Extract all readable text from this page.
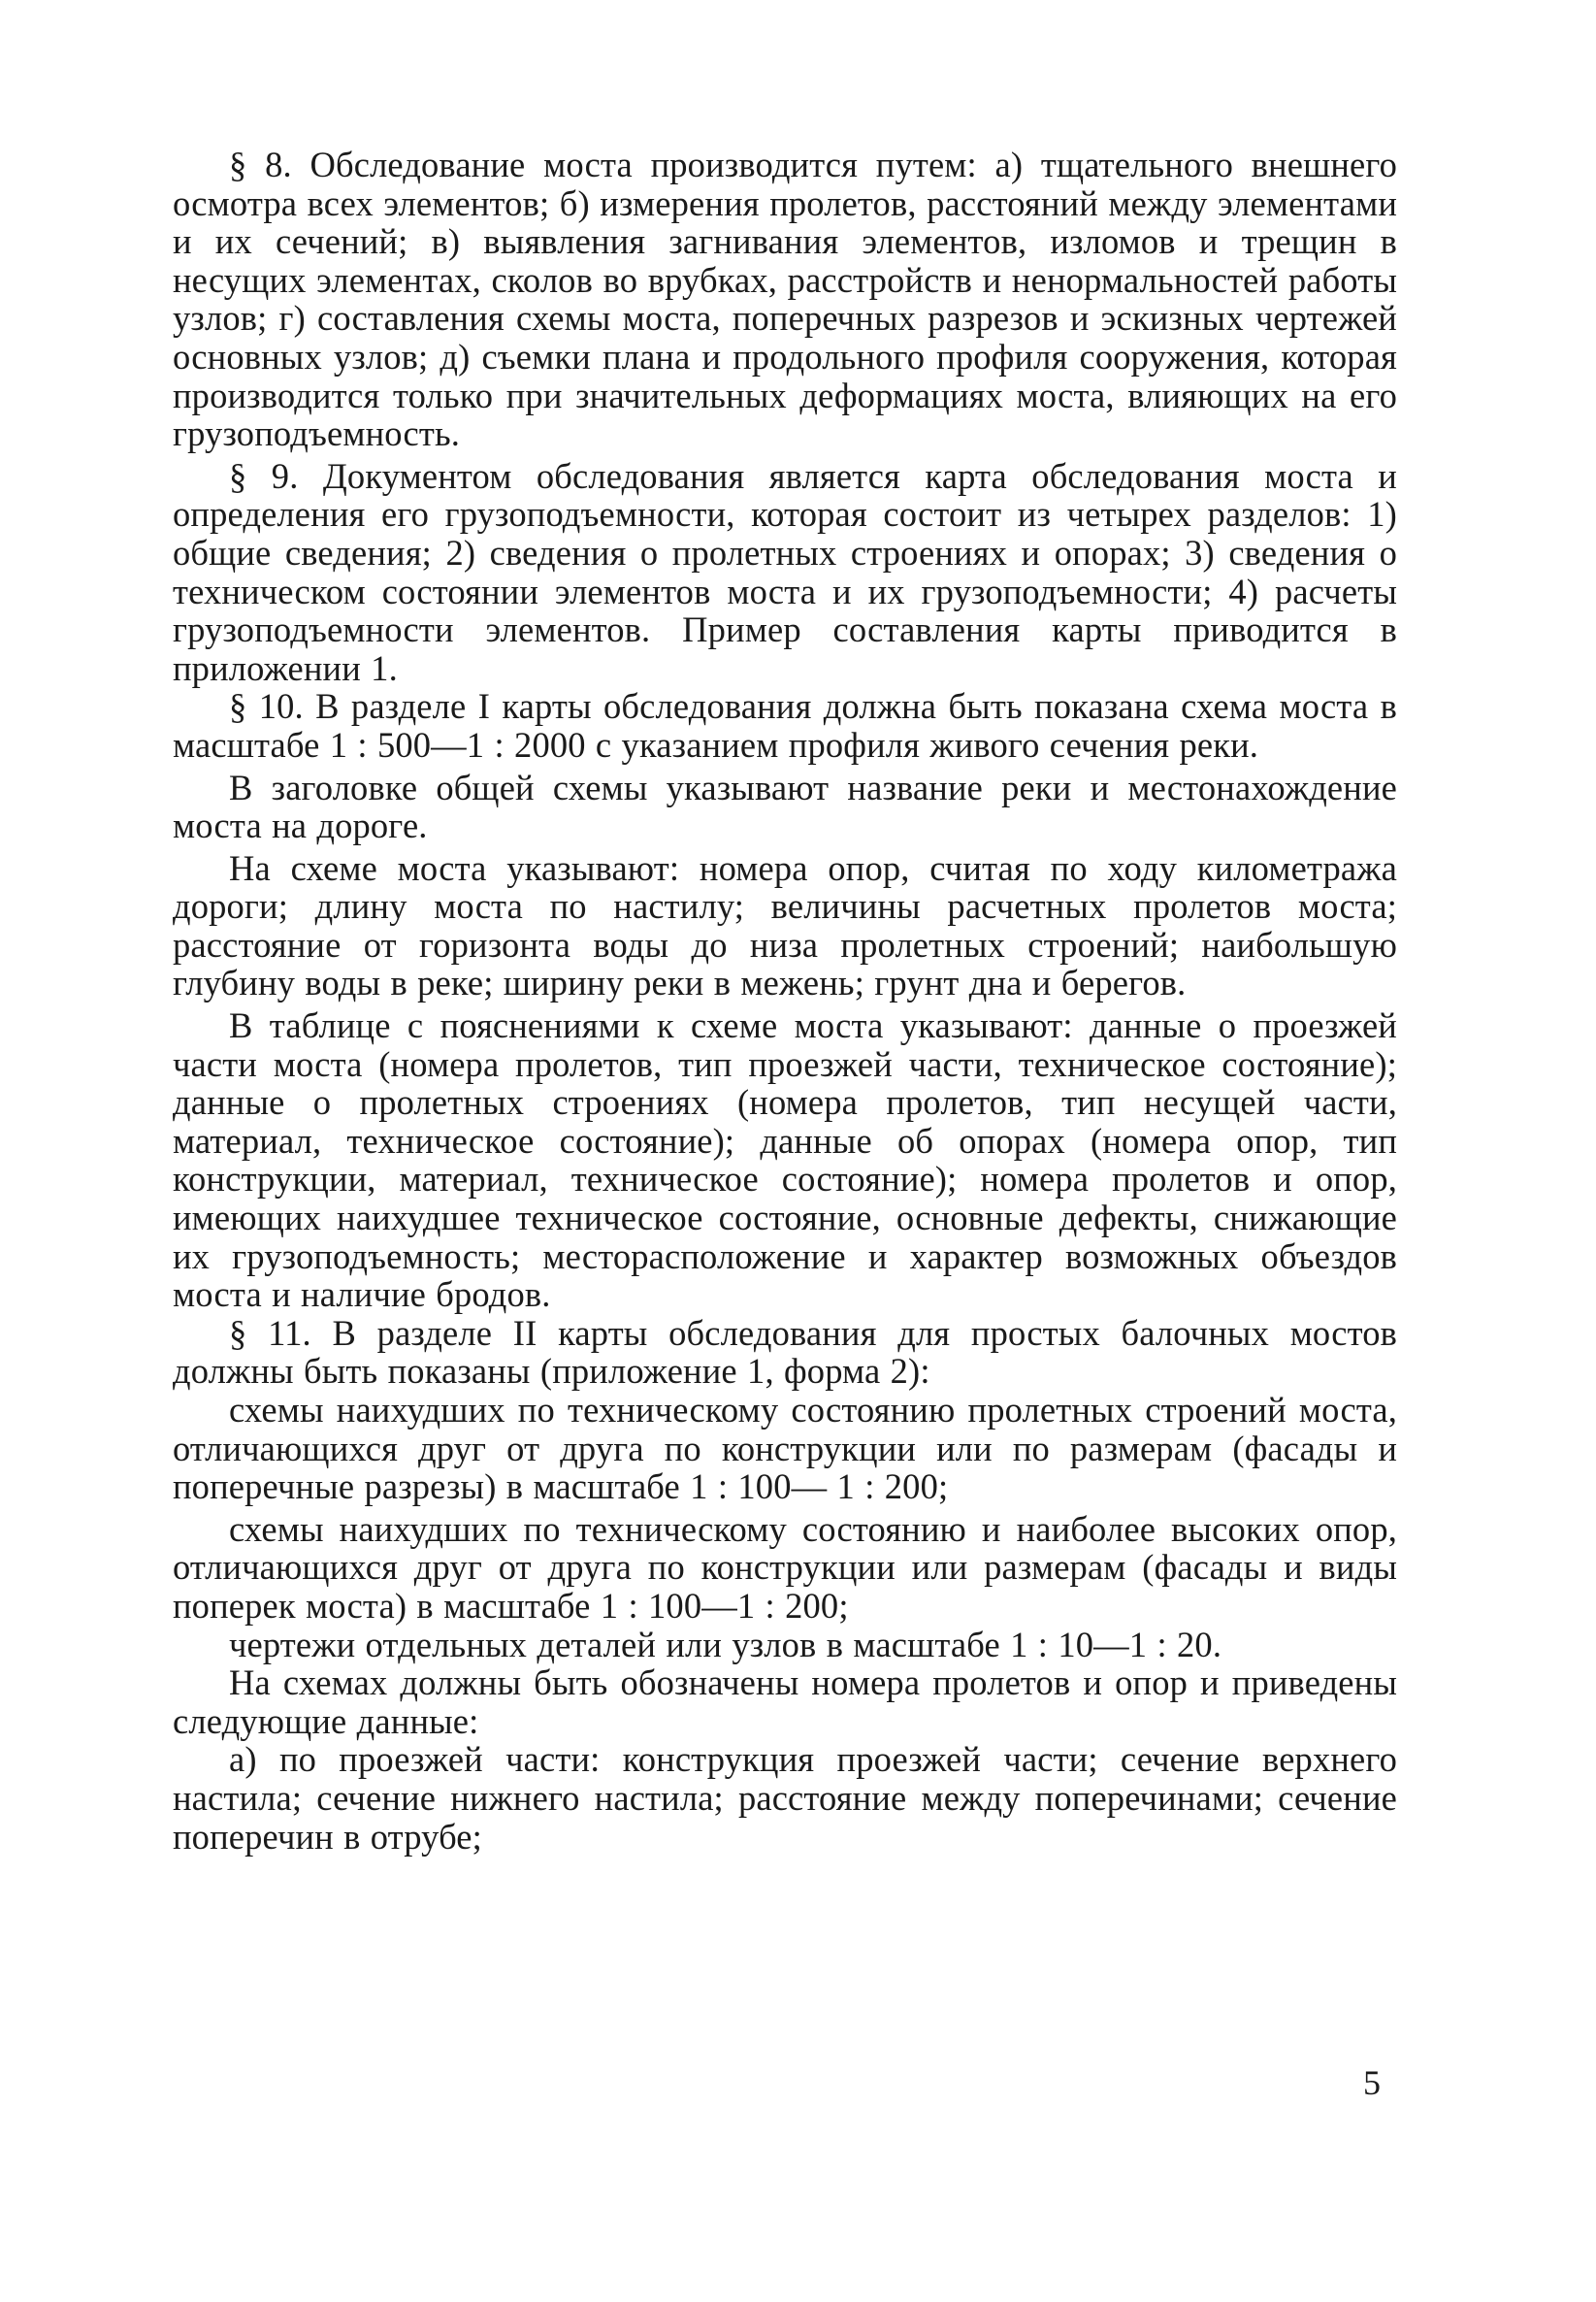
§ 8. Обследование моста производится путем: а) тщательного внешнего осмотра всех элементов; б) измерения пролетов, расстояний между элементами и их сечений; в) выявления загнивания элементов, изломов и трещин в несущих элементах, сколов во врубках, расстройств и ненормальностей работы узлов; г) составления схемы моста, поперечных разрезов и эскизных чертежей основных узлов; д) съемки плана и продольного профиля сооружения, которая производится только при значительных деформациях моста, влияющих на его грузоподъемность.

§ 9. Документом обследования является карта обследования моста и определения его грузоподъемности, которая состоит из четырех разделов: 1) общие сведения; 2) сведения о пролетных строениях и опорах; 3) сведения о техническом состоянии элементов моста и их грузоподъемности; 4) расчеты грузоподъемности элементов. Пример составления карты приводится в приложении 1.

§ 10. В разделе I карты обследования должна быть показана схема моста в масштабе 1 : 500—1 : 2000 с указанием профиля живого сечения реки.

В заголовке общей схемы указывают название реки и местонахождение моста на дороге.

На схеме моста указывают: номера опор, считая по ходу километража дороги; длину моста по настилу; величины расчетных пролетов моста; расстояние от горизонта воды до низа пролетных строений; наибольшую глубину воды в реке; ширину реки в межень; грунт дна и берегов.

В таблице с пояснениями к схеме моста указывают: данные о проезжей части моста (номера пролетов, тип проезжей части, техническое состояние); данные о пролетных строениях (номера пролетов, тип несущей части, материал, техническое состояние); данные об опорах (номера опор, тип конструкции, материал, техническое состояние); номера пролетов и опор, имеющих наихудшее техническое состояние, основные дефекты, снижающие их грузоподъемность; месторасположение и характер возможных объездов моста и наличие бродов.

§ 11. В разделе II карты обследования для простых балочных мостов должны быть показаны (приложение 1, форма 2):

схемы наихудших по техническому состоянию пролетных строений моста, отличающихся друг от друга по конструкции или по размерам (фасады и поперечные разрезы) в масштабе 1 : 100— 1 : 200;

схемы наихудших по техническому состоянию и наиболее высоких опор, отличающихся друг от друга по конструкции или размерам (фасады и виды поперек моста) в масштабе 1 : 100—1 : 200;

чертежи отдельных деталей или узлов в масштабе 1 : 10—1 : 20.

На схемах должны быть обозначены номера пролетов и опор и приведены следующие данные:

а) по проезжей части: конструкция проезжей части; сечение верхнего настила; сечение нижнего настила; расстояние между поперечинами; сечение поперечин в отрубе;

5
